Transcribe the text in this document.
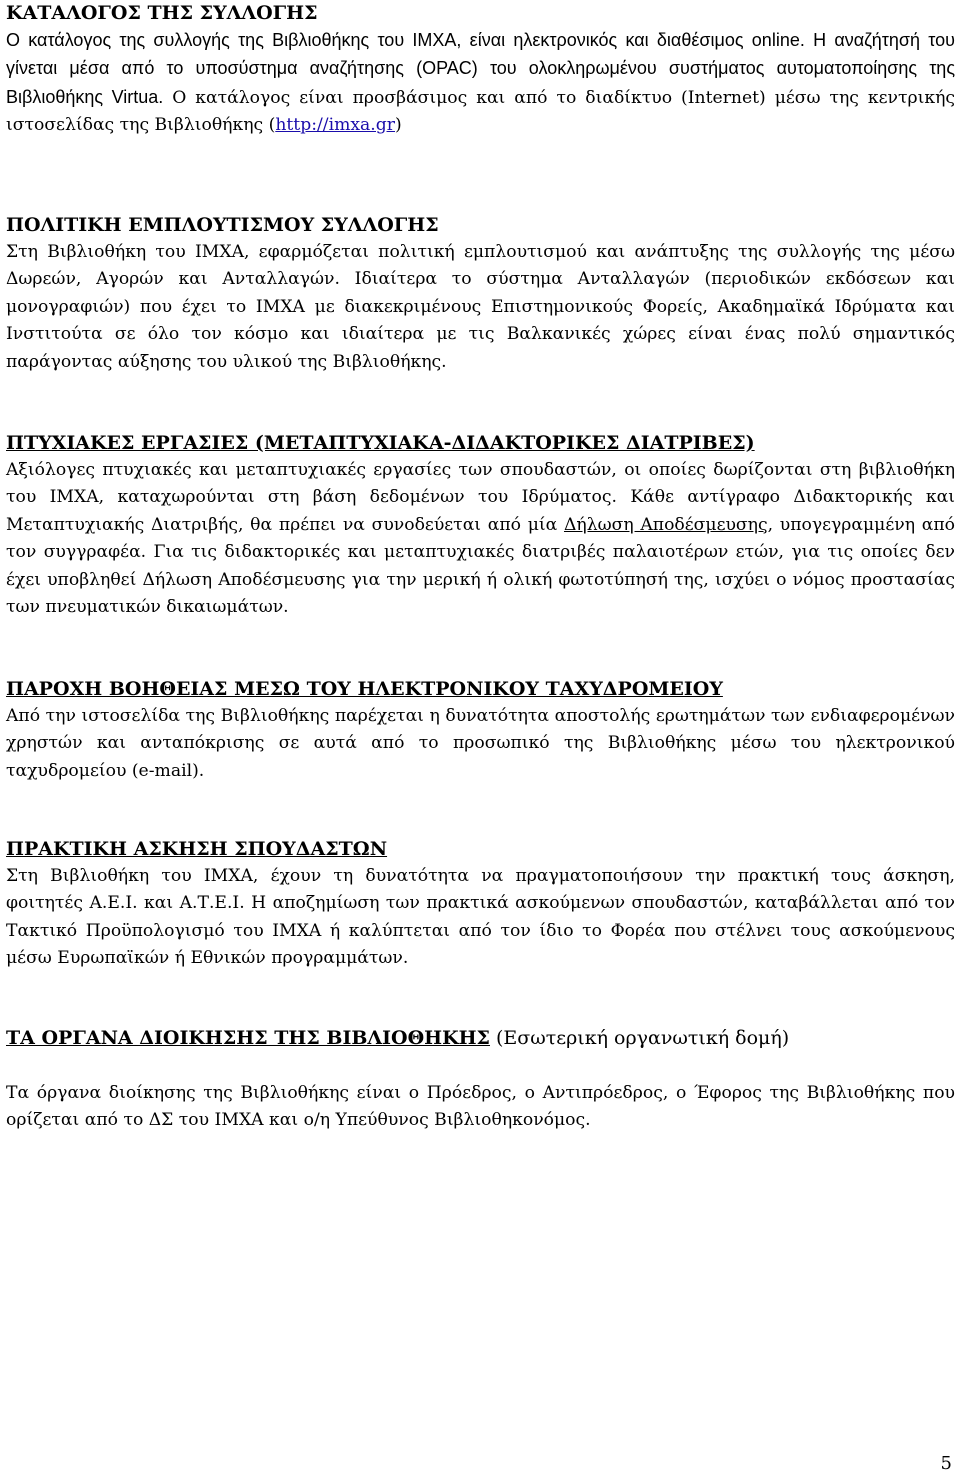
ΚΑΤΑΛΟΓΟΣ ΤΗΣ ΣΥΛΛΟΓΗΣ

Ο κατάλογος της συλλογής της Βιβλιοθήκης του ΙΜΧΑ, είναι ηλεκτρονικός και διαθέσιμος online. Η αναζήτησή του γίνεται μέσα από το υποσύστημα αναζήτησης (OPAC) του ολοκληρωμένου συστήματος αυτοματοποίησης της Βιβλιοθήκης Virtua. Ο κατάλογος είναι προσβάσιμος και από το διαδίκτυο (Internet) μέσω της κεντρικής ιστοσελίδας της Βιβλιοθήκης (http://imxa.gr)

ΠΟΛΙΤΙΚΗ ΕΜΠΛΟΥΤΙΣΜΟΥ ΣΥΛΛΟΓΗΣ

Στη Βιβλιοθήκη του ΙΜΧΑ, εφαρμόζεται πολιτική εμπλουτισμού και ανάπτυξης της συλλογής της μέσω Δωρεών, Αγορών και Ανταλλαγών. Ιδιαίτερα το σύστημα Ανταλλαγών (περιοδικών εκδόσεων και μονογραφιών) που έχει το ΙΜΧΑ με διακεκριμένους Επιστημονικούς Φορείς, Ακαδημαϊκά Ιδρύματα και Ινστιτούτα σε όλο τον κόσμο και ιδιαίτερα με τις Βαλκανικές χώρες είναι ένας πολύ σημαντικός παράγοντας αύξησης του υλικού της Βιβλιοθήκης.

ΠΤΥΧΙΑΚΕΣ ΕΡΓΑΣΙΕΣ (ΜΕΤΑΠΤΥΧΙΑΚΑ-ΔΙΔΑΚΤΟΡΙΚΕΣ ΔΙΑΤΡΙΒΕΣ)

Αξιόλογες πτυχιακές και μεταπτυχιακές εργασίες των σπουδαστών, οι οποίες δωρίζονται στη βιβλιοθήκη του ΙΜΧΑ, καταχωρούνται στη βάση δεδομένων του Ιδρύματος. Κάθε αντίγραφο Διδακτορικής και Μεταπτυχιακής Διατριβής, θα πρέπει να συνοδεύεται από μία Δήλωση Αποδέσμευσης, υπογεγραμμένη από τον συγγραφέα. Για τις διδακτορικές και μεταπτυχιακές διατριβές παλαιοτέρων ετών, για τις οποίες δεν έχει υποβληθεί Δήλωση Αποδέσμευσης για την μερική ή ολική φωτοτύπησή της, ισχύει ο νόμος προστασίας των πνευματικών δικαιωμάτων.

ΠΑΡΟΧΗ ΒΟΗΘΕΙΑΣ ΜΕΣΩ ΤΟΥ ΗΛΕΚΤΡΟΝΙΚΟΥ ΤΑΧΥΔΡΟΜΕΙΟΥ

Από την ιστοσελίδα της Βιβλιοθήκης παρέχεται η δυνατότητα αποστολής ερωτημάτων των ενδιαφερομένων χρηστών και ανταπόκρισης σε αυτά από το προσωπικό της Βιβλιοθήκης μέσω του ηλεκτρονικού ταχυδρομείου (e-mail).

ΠΡΑΚΤΙΚΗ ΑΣΚΗΣΗ ΣΠΟΥΔΑΣΤΩΝ

Στη Βιβλιοθήκη του ΙΜΧΑ, έχουν τη δυνατότητα να πραγματοποιήσουν την πρακτική τους άσκηση, φοιτητές Α.Ε.Ι. και Α.Τ.Ε.Ι. Η αποζημίωση των πρακτικά ασκούμενων σπουδαστών, καταβάλλεται από τον Τακτικό Προϋπολογισμό του ΙΜΧΑ ή καλύπτεται από τον ίδιο το Φορέα που στέλνει τους ασκούμενους μέσω Ευρωπαϊκών ή Εθνικών προγραμμάτων.

ΤΑ ΟΡΓΑΝΑ ΔΙΟΙΚΗΣΗΣ ΤΗΣ ΒΙΒΛΙΟΘΗΚΗΣ (Εσωτερική οργανωτική δομή)

Τα όργανα διοίκησης της Βιβλιοθήκης είναι ο Πρόεδρος, ο Αντιπρόεδρος, ο Έφορος της Βιβλιοθήκης που ορίζεται από το ΔΣ του ΙΜΧΑ και ο/η Υπεύθυνος Βιβλιοθηκονόμος.

5
